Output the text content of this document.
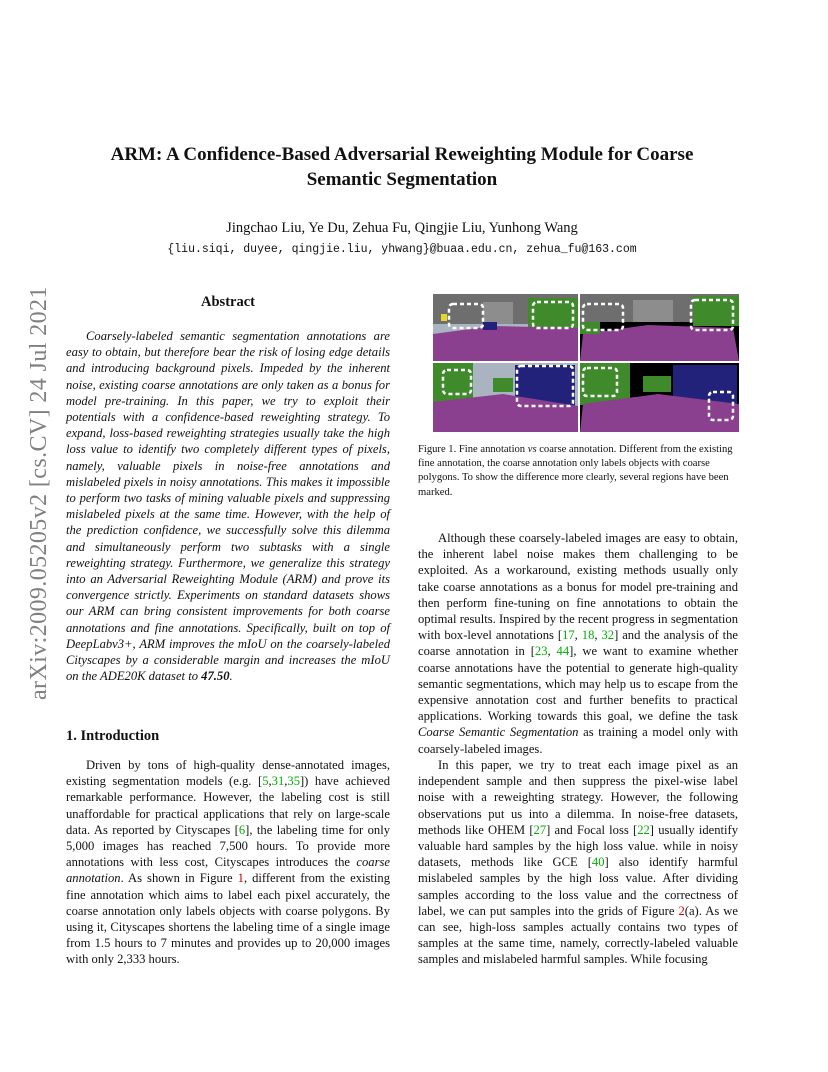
arXiv:2009.05205v2 [cs.CV] 24 Jul 2021
ARM: A Confidence-Based Adversarial Reweighting Module for Coarse
Semantic Segmentation
Jingchao Liu, Ye Du, Zehua Fu, Qingjie Liu, Yunhong Wang
{liu.siqi, duyee, qingjie.liu, yhwang}@buaa.edu.cn, zehua_fu@163.com
Abstract
Coarsely-labeled semantic segmentation annotations are easy to obtain, but therefore bear the risk of losing edge details and introducing background pixels. Impeded by the inherent noise, existing coarse annotations are only taken as a bonus for model pre-training. In this paper, we try to exploit their potentials with a confidence-based reweighting strategy. To expand, loss-based reweighting strategies usually take the high loss value to identify two completely different types of pixels, namely, valuable pixels in noise-free annotations and mislabeled pixels in noisy annotations. This makes it impossible to perform two tasks of mining valuable pixels and suppressing mislabeled pixels at the same time. However, with the help of the prediction confidence, we successfully solve this dilemma and simultaneously perform two subtasks with a single reweighting strategy. Furthermore, we generalize this strategy into an Adversarial Reweighting Module (ARM) and prove its convergence strictly. Experiments on standard datasets shows our ARM can bring consistent improvements for both coarse annotations and fine annotations. Specifically, built on top of DeepLabv3+, ARM improves the mIoU on the coarsely-labeled Cityscapes by a considerable margin and increases the mIoU on the ADE20K dataset to 47.50.
1. Introduction
Driven by tons of high-quality dense-annotated images, existing segmentation models (e.g. [5,31,35]) have achieved remarkable performance. However, the labeling cost is still unaffordable for practical applications that rely on large-scale data. As reported by Cityscapes [6], the labeling time for only 5,000 images has reached 7,500 hours. To provide more annotations with less cost, Cityscapes introduces the coarse annotation. As shown in Figure 1, different from the existing fine annotation which aims to label each pixel accurately, the coarse annotation only labels objects with coarse polygons. By using it, Cityscapes shortens the labeling time of a single image from 1.5 hours to 7 minutes and provides up to 20,000 images with only 2,333 hours.
Figure 1. Fine annotation vs coarse annotation. Different from the existing fine annotation, the coarse annotation only labels objects with coarse polygons. To show the difference more clearly, several regions have been marked.
Although these coarsely-labeled images are easy to obtain, the inherent label noise makes them challenging to be exploited. As a workaround, existing methods usually only take coarse annotations as a bonus for model pre-training and then perform fine-tuning on fine annotations to obtain the optimal results. Inspired by the recent progress in segmentation with box-level annotations [17, 18, 32] and the analysis of the coarse annotation in [23, 44], we want to examine whether coarse annotations have the potential to generate high-quality semantic segmentations, which may help us to escape from the expensive annotation cost and further benefits to practical applications. Working towards this goal, we define the task Coarse Semantic Segmentation as training a model only with coarsely-labeled images.
In this paper, we try to treat each image pixel as an independent sample and then suppress the pixel-wise label noise with a reweighting strategy. However, the following observations put us into a dilemma. In noise-free datasets, methods like OHEM [27] and Focal loss [22] usually identify valuable hard samples by the high loss value. while in noisy datasets, methods like GCE [40] also identify harmful mislabeled samples by the high loss value. After dividing samples according to the loss value and the correctness of label, we can put samples into the grids of Figure 2(a). As we can see, high-loss samples actually contains two types of samples at the same time, namely, correctly-labeled valuable samples and mislabeled harmful samples. While focusing
